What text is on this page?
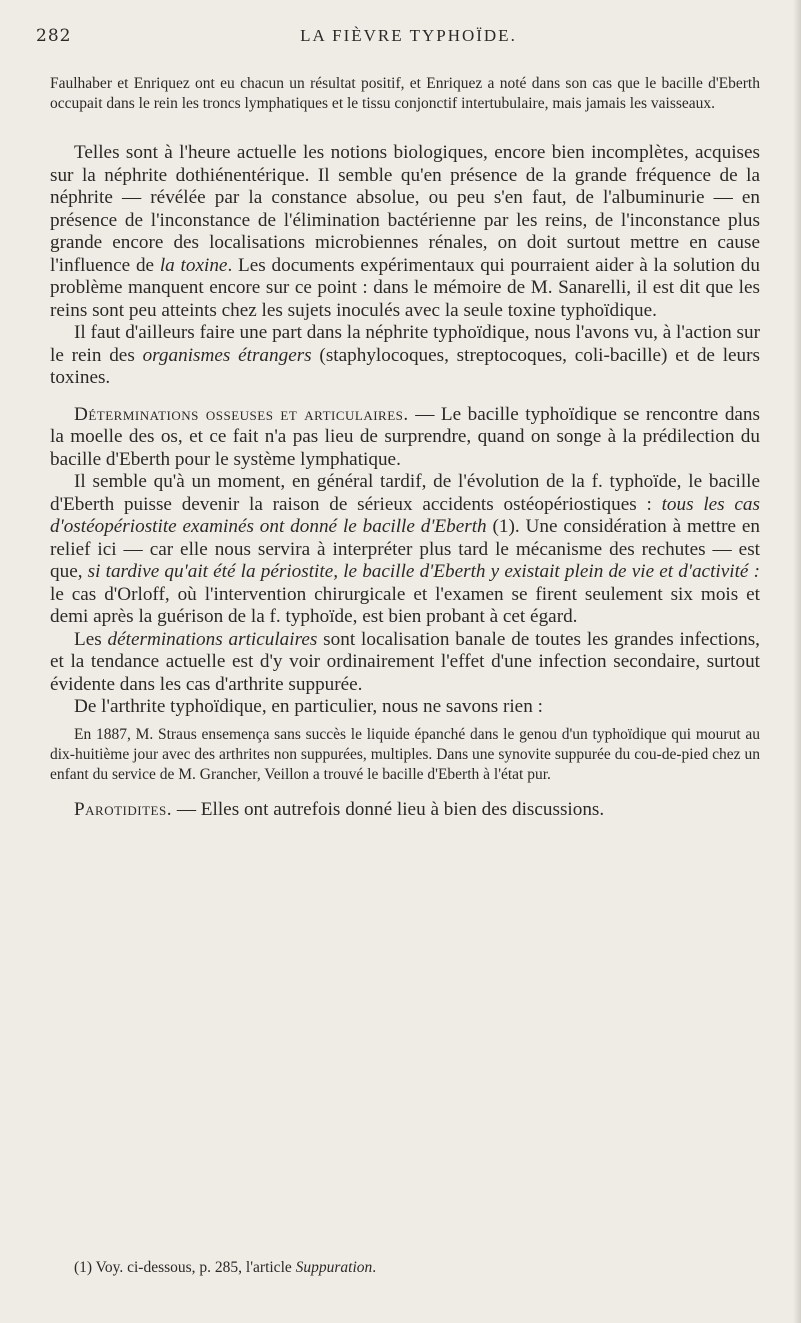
282	LA FIÈVRE TYPHOÏDE.

Faulhaber et Enriquez ont eu chacun un résultat positif, et Enriquez a noté dans son cas que le bacille d'Eberth occupait dans le rein les troncs lymphatiques et le tissu conjonctif intertubulaire, mais jamais les vaisseaux.

Telles sont à l'heure actuelle les notions biologiques, encore bien incomplètes, acquises sur la néphrite dothiénentérique. Il semble qu'en présence de la grande fréquence de la néphrite — révélée par la constance absolue, ou peu s'en faut, de l'albuminurie — en présence de l'inconstance de l'élimination bactérienne par les reins, de l'inconstance plus grande encore des localisations microbiennes rénales, on doit surtout mettre en cause l'influence de la toxine. Les documents expérimentaux qui pourraient aider à la solution du problème manquent encore sur ce point : dans le mémoire de M. Sanarelli, il est dit que les reins sont peu atteints chez les sujets inoculés avec la seule toxine typhoïdique.

Il faut d'ailleurs faire une part dans la néphrite typhoïdique, nous l'avons vu, à l'action sur le rein des organismes étrangers (staphylocoques, streptocoques, coli-bacille) et de leurs toxines.

Déterminations osseuses et articulaires. — Le bacille typhoïdique se rencontre dans la moelle des os, et ce fait n'a pas lieu de surprendre, quand on songe à la prédilection du bacille d'Eberth pour le système lymphatique.

Il semble qu'à un moment, en général tardif, de l'évolution de la f. typhoïde, le bacille d'Eberth puisse devenir la raison de sérieux accidents ostéopériostiques : tous les cas d'ostéopériostite examinés ont donné le bacille d'Eberth (1). Une considération à mettre en relief ici — car elle nous servira à interpréter plus tard le mécanisme des rechutes — est que, si tardive qu'ait été la périostite, le bacille d'Eberth y existait plein de vie et d'activité : le cas d'Orloff, où l'intervention chirurgicale et l'examen se firent seulement six mois et demi après la guérison de la f. typhoïde, est bien probant à cet égard.

Les déterminations articulaires sont localisation banale de toutes les grandes infections, et la tendance actuelle est d'y voir ordinairement l'effet d'une infection secondaire, surtout évidente dans les cas d'arthrite suppurée.

De l'arthrite typhoïdique, en particulier, nous ne savons rien :

En 1887, M. Straus ensemença sans succès le liquide épanché dans le genou d'un typhoïdique qui mourut au dix-huitième jour avec des arthrites non suppurées, multiples. Dans une synovite suppurée du cou-de-pied chez un enfant du service de M. Grancher, Veillon a trouvé le bacille d'Eberth à l'état pur.

Parotidites. — Elles ont autrefois donné lieu à bien des discussions.

(1) Voy. ci-dessous, p. 285, l'article Suppuration.
